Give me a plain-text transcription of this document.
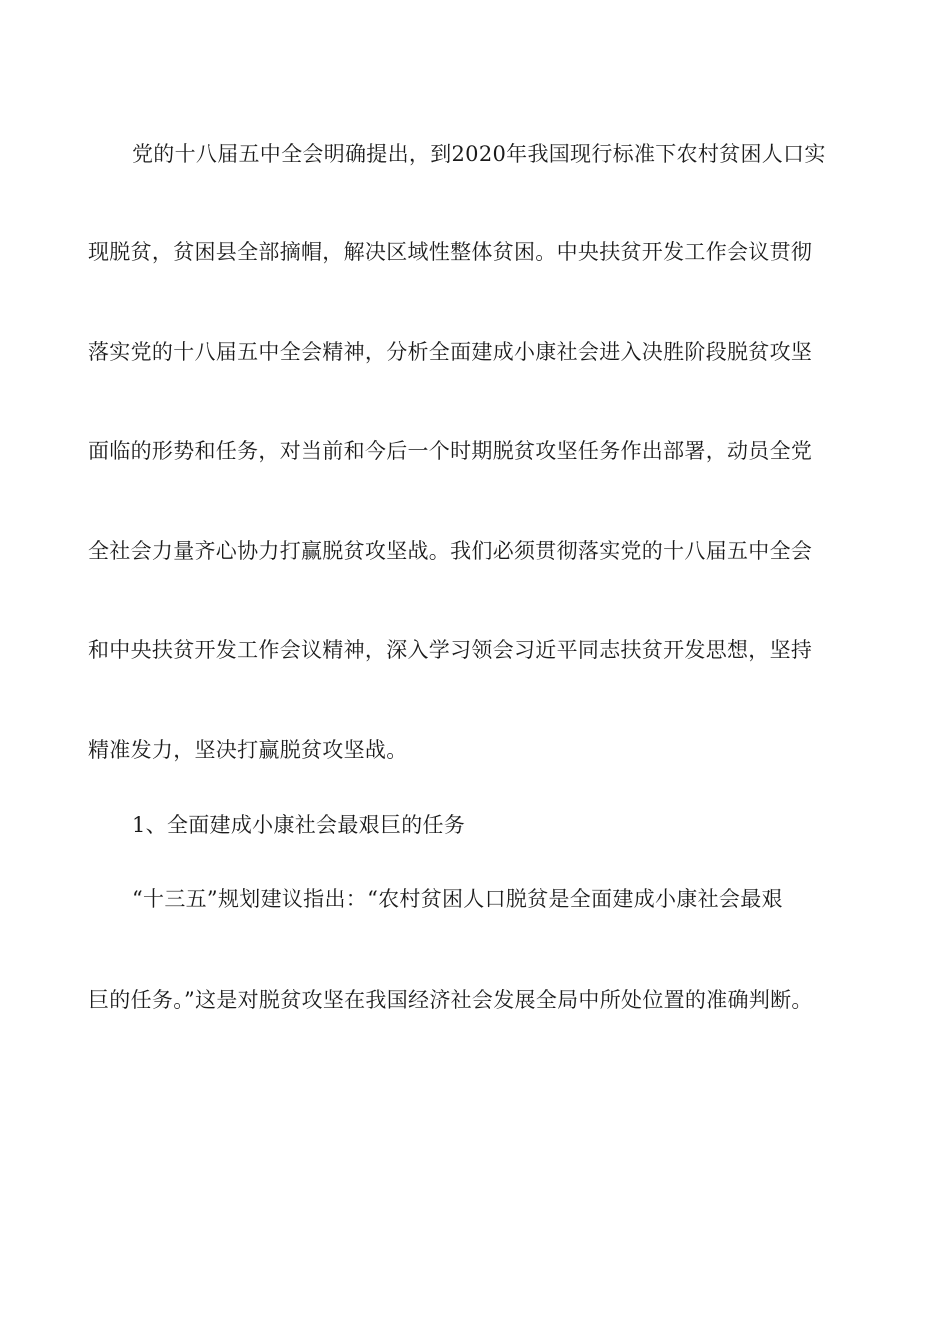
党的十八届五中全会明确提出，到2020年我国现行标准下农村贫困人口实
现脱贫，贫困县全部摘帽，解决区域性整体贫困。中央扶贫开发工作会议贯彻
落实党的十八届五中全会精神，分析全面建成小康社会进入决胜阶段脱贫攻坚
面临的形势和任务，对当前和今后一个时期脱贫攻坚任务作出部署，动员全党
全社会力量齐心协力打赢脱贫攻坚战。我们必须贯彻落实党的十八届五中全会
和中央扶贫开发工作会议精神，深入学习领会习近平同志扶贫开发思想，坚持
精准发力，坚决打赢脱贫攻坚战。
1、全面建成小康社会最艰巨的任务
“十三五”规划建议指出：“农村贫困人口脱贫是全面建成小康社会最艰
巨的任务。”这是对脱贫攻坚在我国经济社会发展全局中所处位置的准确判断。
